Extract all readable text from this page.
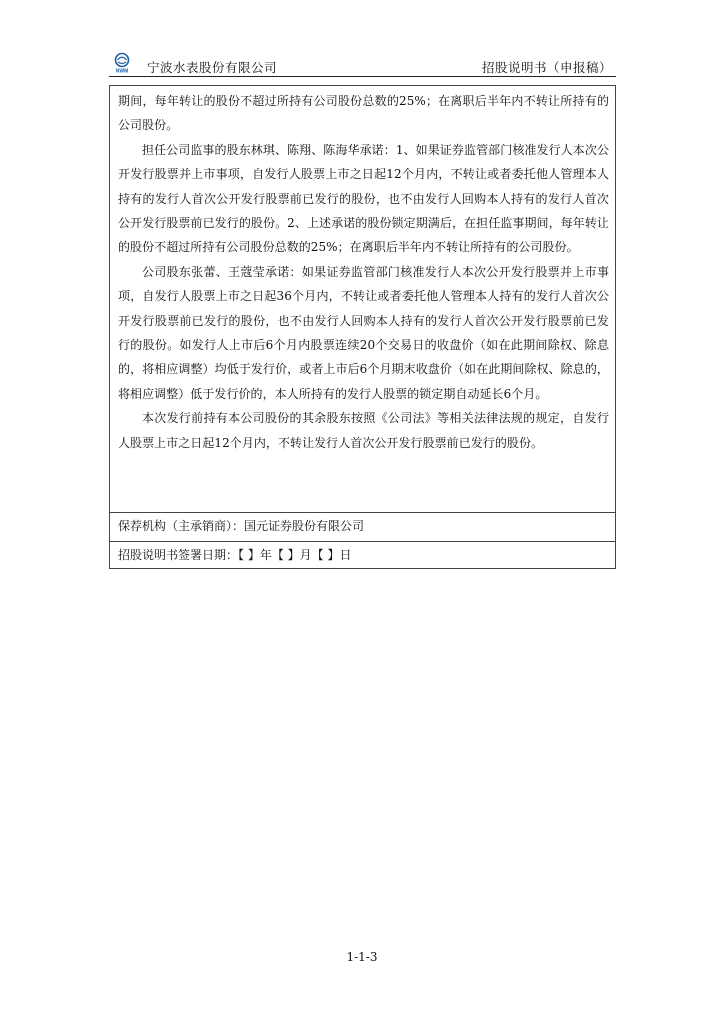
NWM 宁波水表股份有限公司	招股说明书（申报稿）

期间，每年转让的股份不超过所持有公司股份总数的25%；在离职后半年内不转让所持有的公司股份。

担任公司监事的股东林琪、陈翔、陈海华承诺：1、如果证券监管部门核准发行人本次公开发行股票并上市事项，自发行人股票上市之日起12个月内，不转让或者委托他人管理本人持有的发行人首次公开发行股票前已发行的股份，也不由发行人回购本人持有的发行人首次公开发行股票前已发行的股份。2、上述承诺的股份锁定期满后，在担任监事期间，每年转让的股份不超过所持有公司股份总数的25%；在离职后半年内不转让所持有的公司股份。

公司股东张蕾、王蔻莹承诺：如果证券监管部门核准发行人本次公开发行股票并上市事项，自发行人股票上市之日起36个月内，不转让或者委托他人管理本人持有的发行人首次公开发行股票前已发行的股份，也不由发行人回购本人持有的发行人首次公开发行股票前已发行的股份。如发行人上市后6个月内股票连续20个交易日的收盘价（如在此期间除权、除息的，将相应调整）均低于发行价，或者上市后6个月期末收盘价（如在此期间除权、除息的，将相应调整）低于发行价的，本人所持有的发行人股票的锁定期自动延长6个月。

本次发行前持有本公司股份的其余股东按照《公司法》等相关法律法规的规定，自发行人股票上市之日起12个月内，不转让发行人首次公开发行股票前已发行的股份。

保荐机构（主承销商）：国元证券股份有限公司
招股说明书签署日期：【 】年【 】月【 】日
1-1-3
